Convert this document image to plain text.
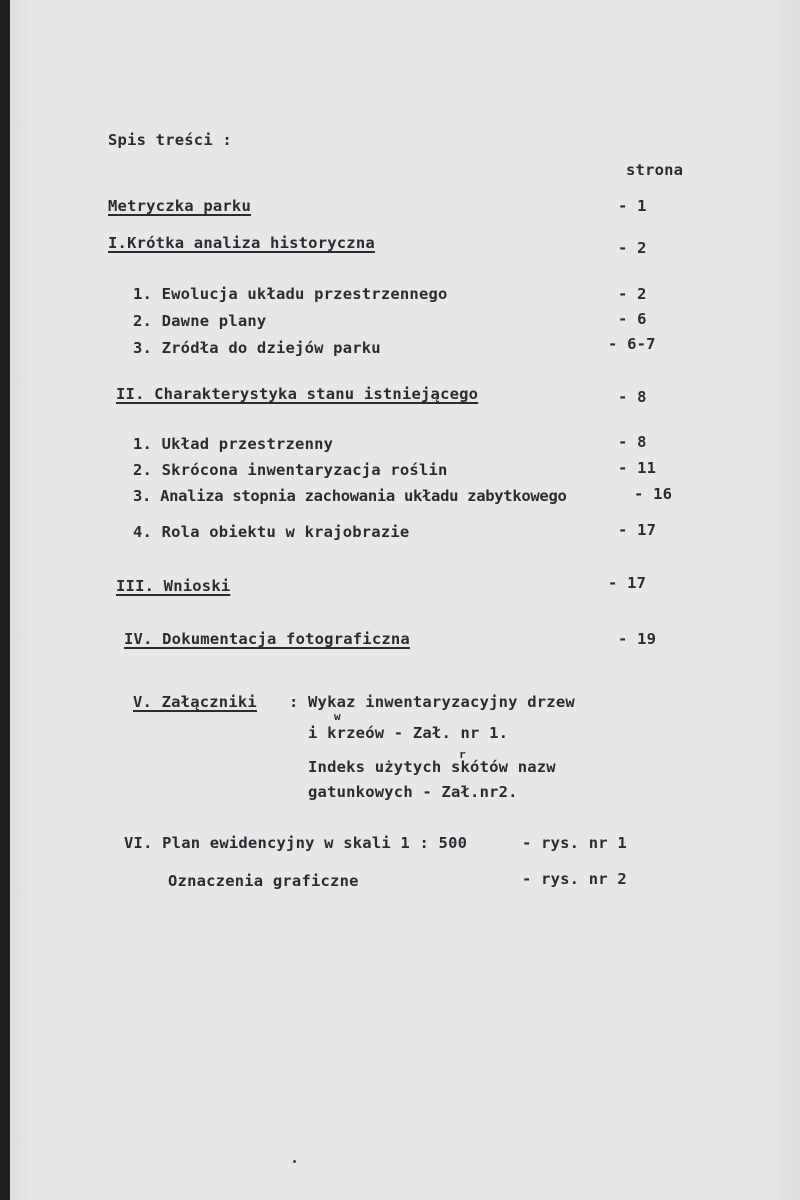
Spis treści :
strona
Metryczka parku	- 1
I.Krótka analiza historyczna	- 2
1. Ewolucja układu przestrzennego	- 2
2. Dawne plany	- 6
3. Zródła do dziejów parku	- 6-7
II. Charakterystyka stanu istniejącego	- 8
1. Układ przestrzenny	- 8
2. Skrócona inwentaryzacja roślin	- 11
3. Analiza stopnia zachowania układu zabytkowego	- 16
4. Rola obiektu w krajobrazie	- 17
III. Wnioski	- 17
IV. Dokumentacja fotograficzna	- 19
V. Załączniki : Wykaz inwentaryzacyjny drzew
w
i krzeów - Zał. nr 1.
r
Indeks użytych skótów nazw
gatunkowych - Zał.nr2.
VI. Plan ewidencyjny w skali 1 : 500	- rys. nr 1
Oznaczenia graficzne	- rys. nr 2
